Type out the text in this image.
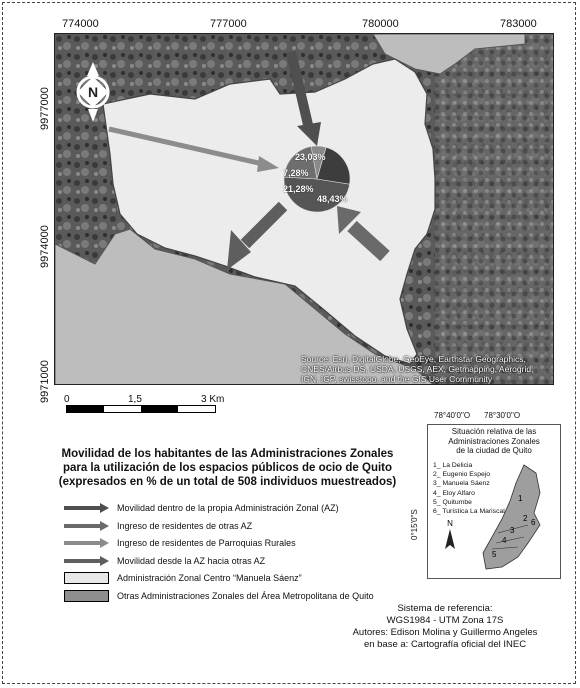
774000	777000	780000	783000
9977000
9974000
9971000
N
Source: Esri, DigitalGlobe, GeoEye, Earthstar Geographics, CNES/Airbus DS, USDA, USGS, AEX, Getmapping, Aerogrid, IGN, IGP, swisstopo, and the GIS User Community
23,03%
7,28%
21,28%
48,43%
0	1,5	3 Km
Movilidad de los habitantes de las Administraciones Zonales
para la utilización de los espacios públicos de ocio de Quito
(expresados en % de un total de 508 individuos muestreados)
Movilidad dentro de la propia Administración Zonal (AZ)
Ingreso de residentes de otras AZ
Ingreso de residentes de Parroquias Rurales
Movilidad desde la AZ hacia otras AZ
Administración Zonal Centro “Manuela Sáenz”
Otras Administraciones Zonales del Área Metropolitana de Quito
78°40'0"O 78°30'0"O
0°15'0"S
Situación relativa de las
Administraciones Zonales
de la ciudad de Quito
1_ La Delicia
2_ Eugenio Espejo
3_ Manuela Sáenz
4_ Eloy Alfaro
5_ Quitumbe
6_ Turística La Mariscal
1
2
3
4
5
6
N
Sistema de referencia:
WGS1984 - UTM Zona 17S
Autores: Edison Molina y Guillermo Angeles
en base a: Cartografía oficial del INEC
